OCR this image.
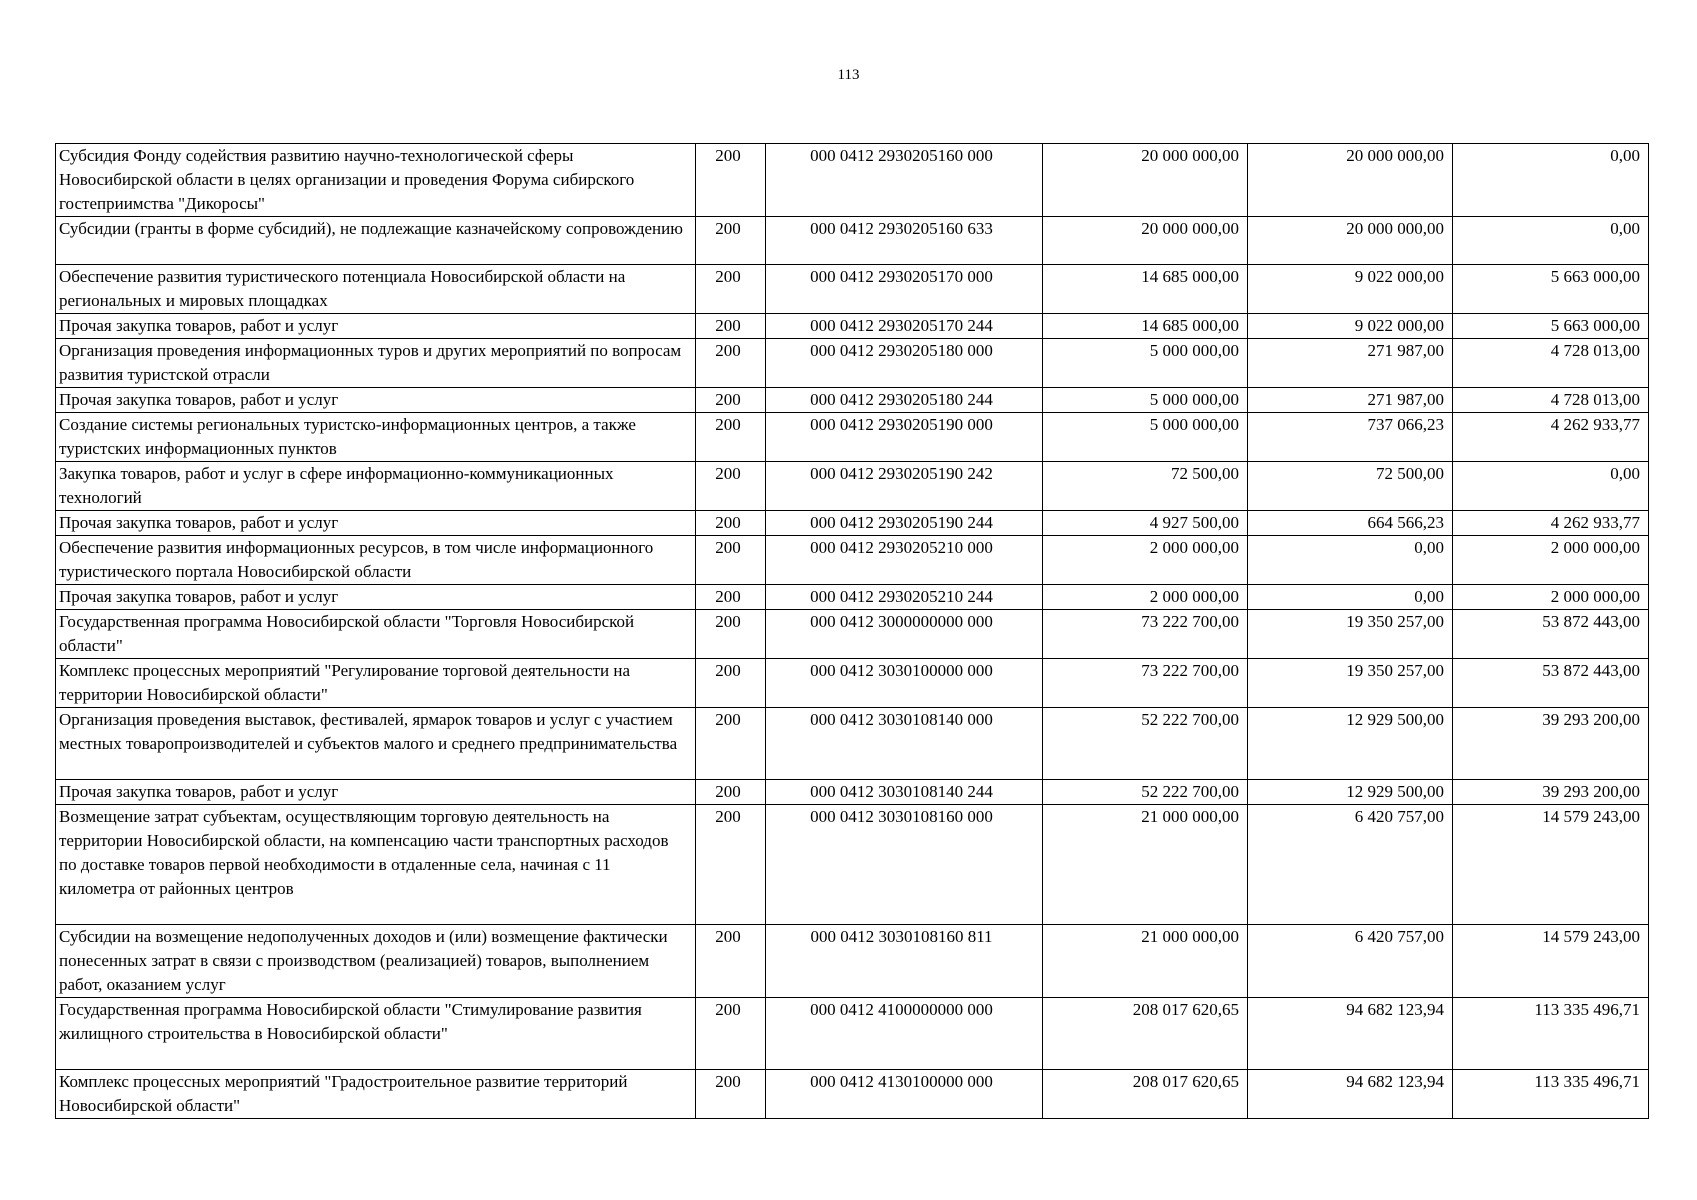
113
Субсидия Фонду содействия развитию научно-технологической сферы Новосибирской области в целях организации и проведения Форума сибирского гостеприимства "Дикоросы"	200	000 0412 2930205160 000	20 000 000,00	20 000 000,00	0,00
Субсидии (гранты в форме субсидий), не подлежащие казначейскому сопровождению	200	000 0412 2930205160 633	20 000 000,00	20 000 000,00	0,00
Обеспечение развития туристического потенциала Новосибирской области на региональных и мировых площадках	200	000 0412 2930205170 000	14 685 000,00	9 022 000,00	5 663 000,00
Прочая закупка товаров, работ и услуг	200	000 0412 2930205170 244	14 685 000,00	9 022 000,00	5 663 000,00
Организация проведения информационных туров и других мероприятий по вопросам развития туристской отрасли	200	000 0412 2930205180 000	5 000 000,00	271 987,00	4 728 013,00
Прочая закупка товаров, работ и услуг	200	000 0412 2930205180 244	5 000 000,00	271 987,00	4 728 013,00
Создание системы региональных туристско-информационных центров, а также туристских информационных пунктов	200	000 0412 2930205190 000	5 000 000,00	737 066,23	4 262 933,77
Закупка товаров, работ и услуг в сфере информационно-коммуникационных технологий	200	000 0412 2930205190 242	72 500,00	72 500,00	0,00
Прочая закупка товаров, работ и услуг	200	000 0412 2930205190 244	4 927 500,00	664 566,23	4 262 933,77
Обеспечение развития информационных ресурсов, в том числе информационного туристического портала Новосибирской области	200	000 0412 2930205210 000	2 000 000,00	0,00	2 000 000,00
Прочая закупка товаров, работ и услуг	200	000 0412 2930205210 244	2 000 000,00	0,00	2 000 000,00
Государственная программа Новосибирской области "Торговля Новосибирской области"	200	000 0412 3000000000 000	73 222 700,00	19 350 257,00	53 872 443,00
Комплекс процессных мероприятий "Регулирование торговой деятельности на территории Новосибирской области"	200	000 0412 3030100000 000	73 222 700,00	19 350 257,00	53 872 443,00
Организация проведения выставок, фестивалей, ярмарок товаров и услуг с участием местных товаропроизводителей и субъектов малого и среднего предпринимательства	200	000 0412 3030108140 000	52 222 700,00	12 929 500,00	39 293 200,00
Прочая закупка товаров, работ и услуг	200	000 0412 3030108140 244	52 222 700,00	12 929 500,00	39 293 200,00
Возмещение затрат субъектам, осуществляющим торговую деятельность на территории Новосибирской области, на компенсацию части транспортных расходов по доставке товаров первой необходимости в отдаленные села, начиная с 11 километра от районных центров	200	000 0412 3030108160 000	21 000 000,00	6 420 757,00	14 579 243,00
Субсидии на возмещение недополученных доходов и (или) возмещение фактически понесенных затрат в связи с производством (реализацией) товаров, выполнением работ, оказанием услуг	200	000 0412 3030108160 811	21 000 000,00	6 420 757,00	14 579 243,00
Государственная программа Новосибирской области "Стимулирование развития жилищного строительства в Новосибирской области"	200	000 0412 4100000000 000	208 017 620,65	94 682 123,94	113 335 496,71
Комплекс процессных мероприятий "Градостроительное развитие территорий Новосибирской области"	200	000 0412 4130100000 000	208 017 620,65	94 682 123,94	113 335 496,71
